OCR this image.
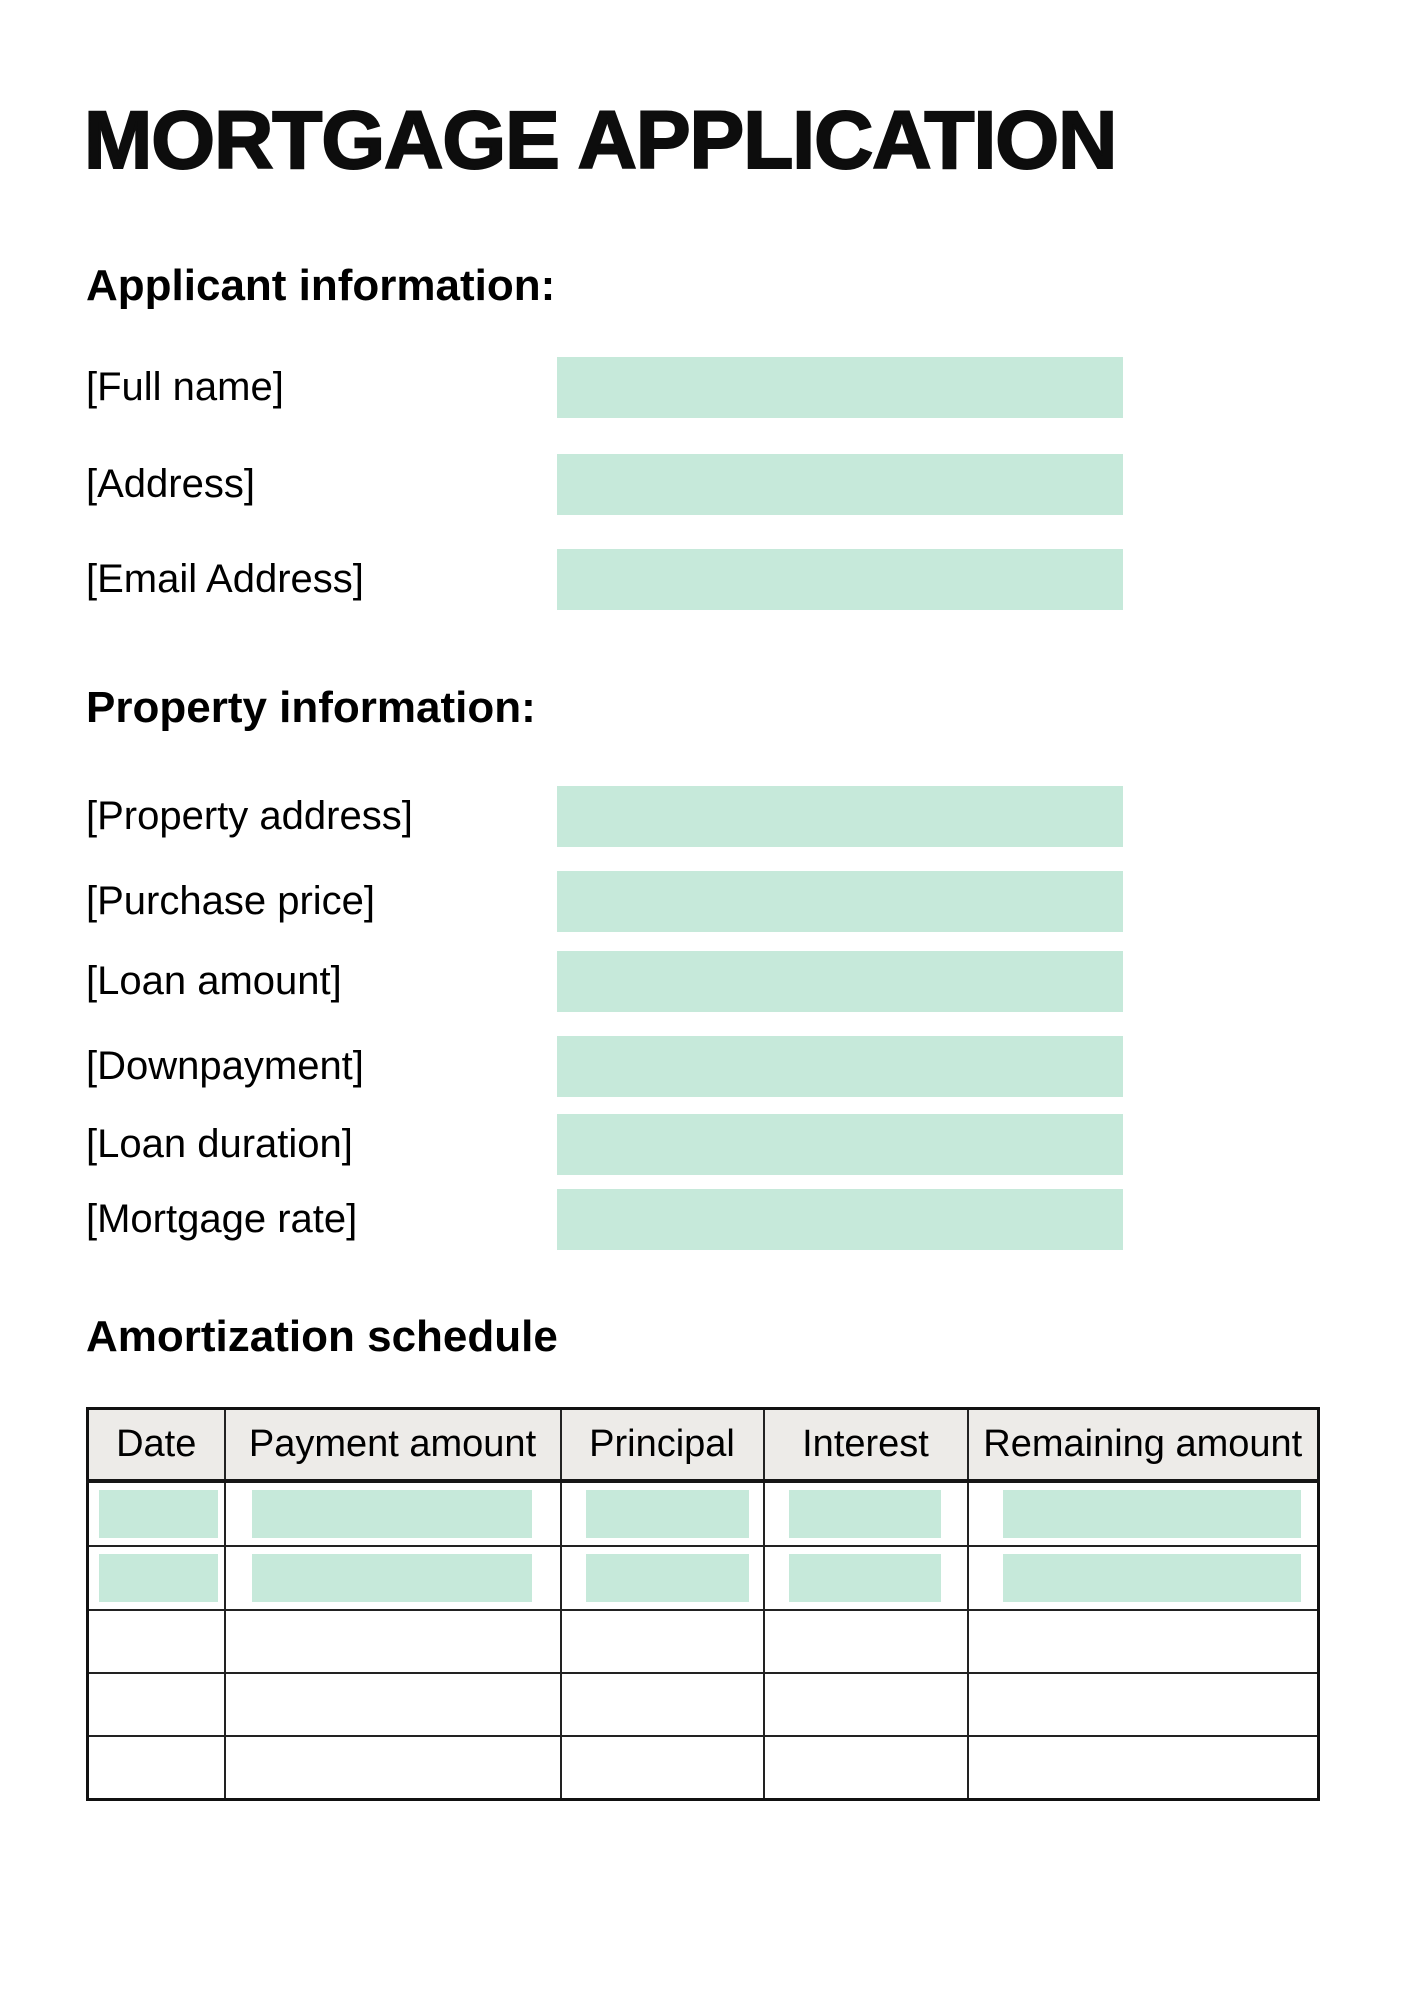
MORTGAGE APPLICATION
Applicant information:
[Full name]
[Address]
[Email Address]
Property information:
[Property address]
[Purchase price]
[Loan amount]
[Downpayment]
[Loan duration]
[Mortgage rate]
Amortization schedule
Date	Payment amount	Principal	Interest	Remaining amount
